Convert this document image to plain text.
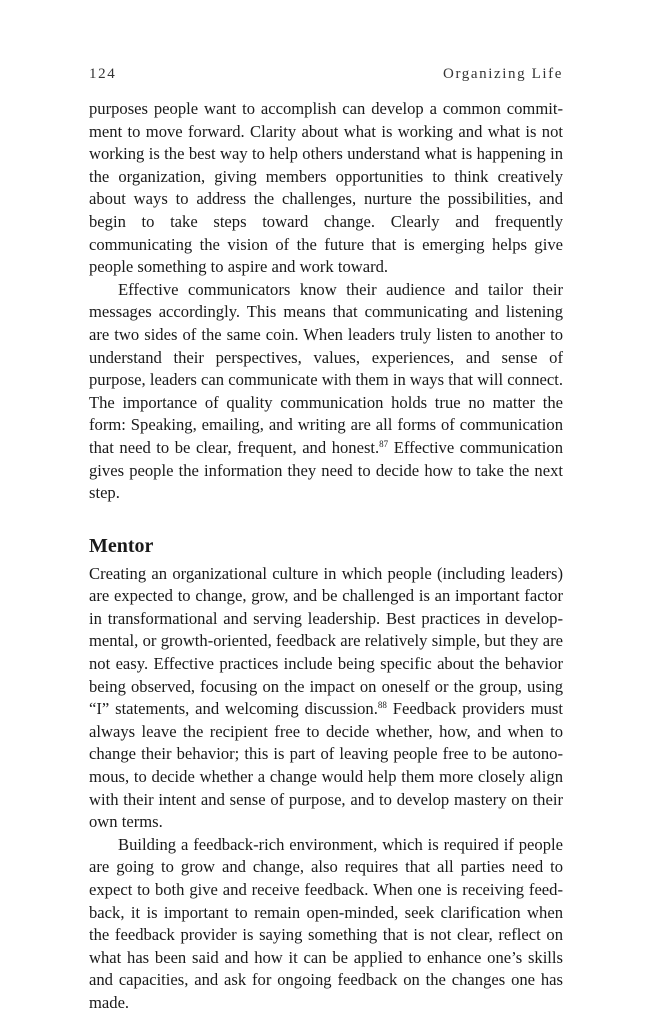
124	Organizing Life

purposes people want to accomplish can develop a common commit-ment to move forward. Clarity about what is working and what is not working is the best way to help others understand what is happening in the organization, giving members opportunities to think creatively about ways to address the challenges, nurture the possibilities, and begin to take steps toward change. Clearly and frequently communicating the vision of the future that is emerging helps give people something to aspire and work toward.

Effective communicators know their audience and tailor their messages accordingly. This means that communicating and listening are two sides of the same coin. When leaders truly listen to another to understand their perspectives, values, experiences, and sense of purpose, leaders can communicate with them in ways that will connect. The importance of quality communication holds true no matter the form: Speaking, emailing, and writing are all forms of communication that need to be clear, frequent, and honest.$^{87}$ Effective communication gives people the information they need to decide how to take the next step.

Mentor

Creating an organizational culture in which people (including leaders) are expected to change, grow, and be challenged is an important factor in transformational and serving leadership. Best practices in develop-mental, or growth-oriented, feedback are relatively simple, but they are not easy. Effective practices include being specific about the behavior being observed, focusing on the impact on oneself or the group, using “I” statements, and welcoming discussion.$^{88}$ Feedback providers must always leave the recipient free to decide whether, how, and when to change their behavior; this is part of leaving people free to be autono-mous, to decide whether a change would help them more closely align with their intent and sense of purpose, and to develop mastery on their own terms.

Building a feedback-rich environment, which is required if people are going to grow and change, also requires that all parties need to expect to both give and receive feedback. When one is receiving feed-back, it is important to remain open-minded, seek clarification when the feedback provider is saying something that is not clear, reflect on what has been said and how it can be applied to enhance one’s skills and capacities, and ask for ongoing feedback on the changes one has made.
